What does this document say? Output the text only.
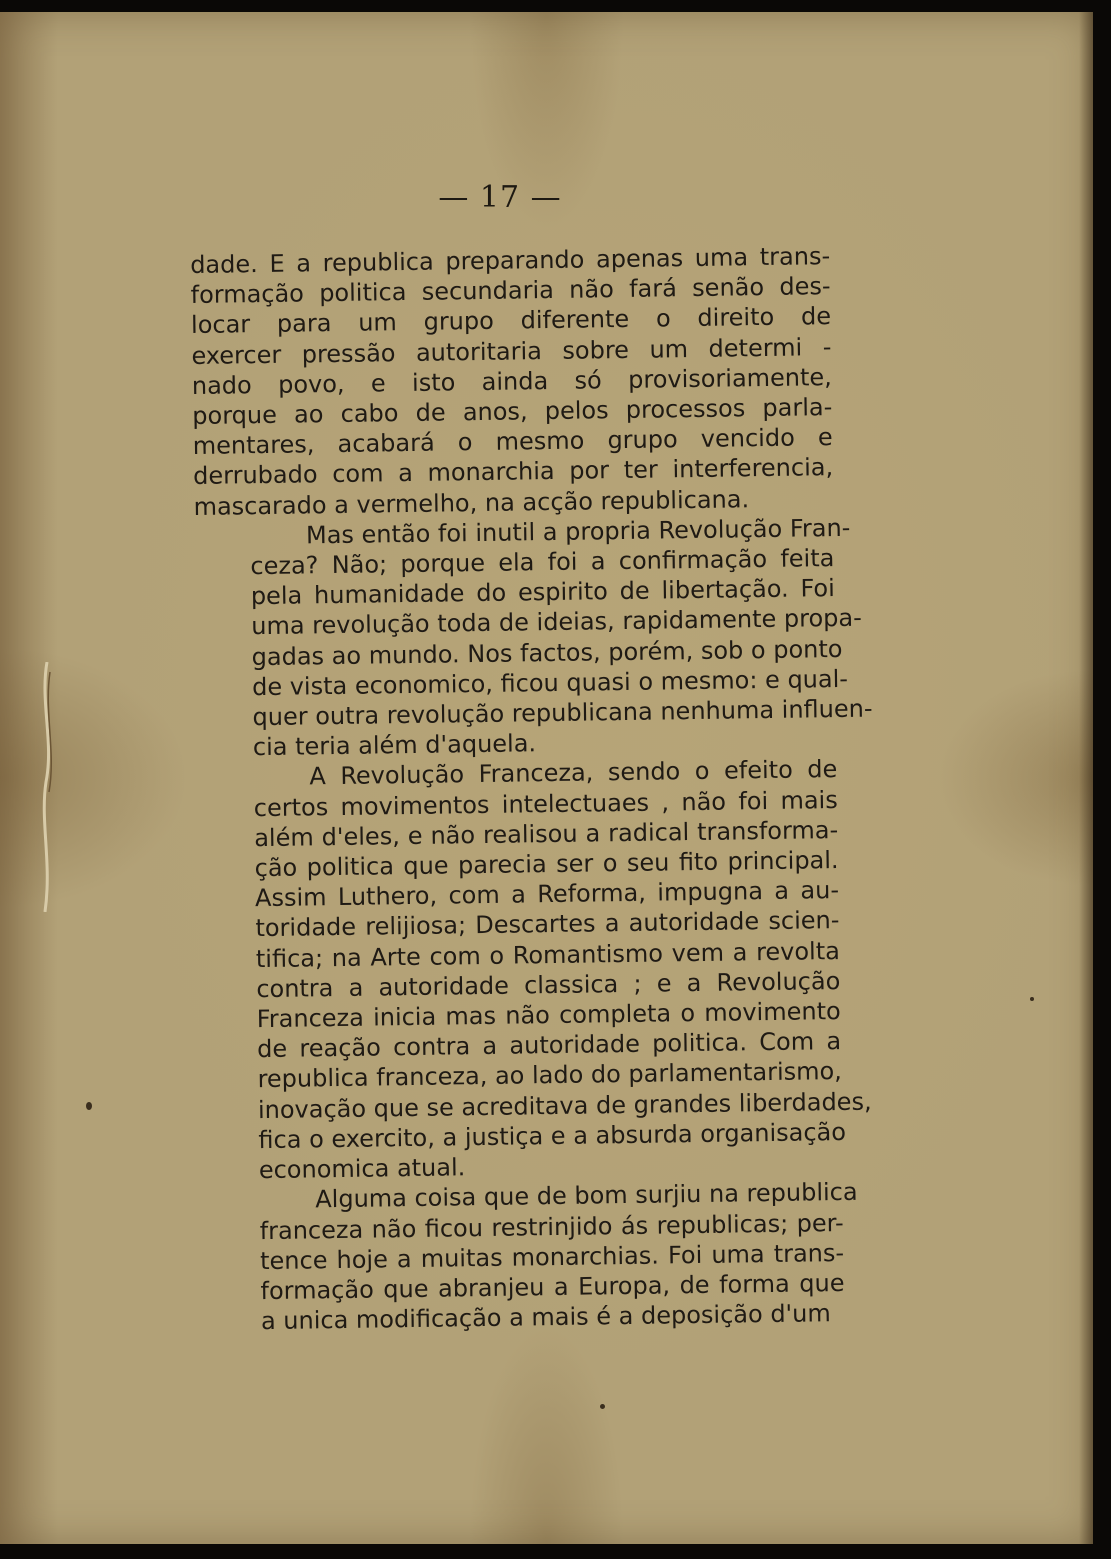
— 17 —
dade. E a republica preparando apenas uma trans-
formação politica secundaria não fará senão des-
locar para um grupo diferente o direito de
exercer pressão autoritaria sobre um determi -
nado povo, e isto ainda só provisoriamente,
porque ao cabo de anos, pelos processos parla-
mentares, acabará o mesmo grupo vencido e
derrubado com a monarchia por ter interferencia,
mascarado a vermelho, na acção republicana.
Mas então foi inutil a propria Revolução Fran-
ceza? Não; porque ela foi a confirmação feita
pela humanidade do espirito de libertação. Foi
uma revolução toda de ideias, rapidamente propa-
gadas ao mundo. Nos factos, porém, sob o ponto
de vista economico, ficou quasi o mesmo: e qual-
quer outra revolução republicana nenhuma influen-
cia teria além d'aquela.
A Revolução Franceza, sendo o efeito de
certos movimentos intelectuaes , não foi mais
além d'eles, e não realisou a radical transforma-
ção politica que parecia ser o seu fito principal.
Assim Luthero, com a Reforma, impugna a au-
toridade relijiosa; Descartes a autoridade scien-
tifica; na Arte com o Romantismo vem a revolta
contra a autoridade classica ; e a Revolução
Franceza inicia mas não completa o movimento
de reação contra a autoridade politica. Com a
republica franceza, ao lado do parlamentarismo,
inovação que se acreditava de grandes liberdades,
fica o exercito, a justiça e a absurda organisação
economica atual.
Alguma coisa que de bom surjiu na republica
franceza não ficou restrinjido ás republicas; per-
tence hoje a muitas monarchias. Foi uma trans-
formação que abranjeu a Europa, de forma que
a unica modificação a mais é a deposição d'um
